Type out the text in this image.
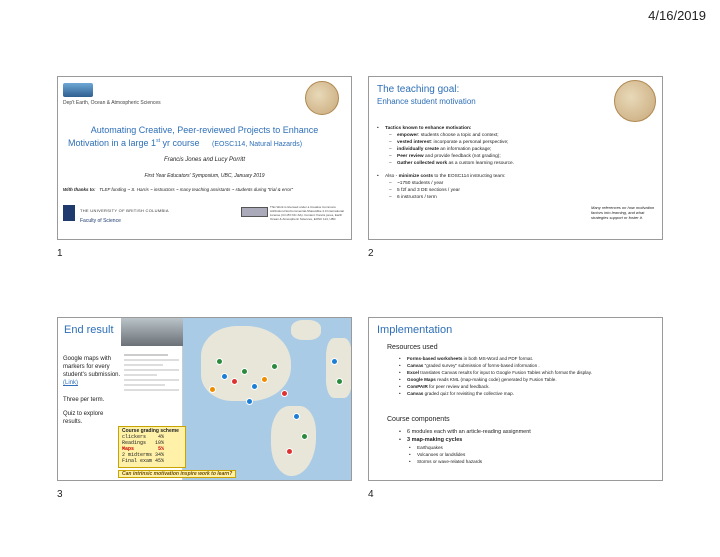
4/16/2019
Dep't Earth, Ocean & Atmospheric Sciences
Automating Creative, Peer-reviewed Projects to Enhance
Motivation in a large 1st yr course (EOSC114, Natural Hazards)
Francis Jones and Lucy Porritt
First Year Educators' Symposium, UBC, January 2019
With thanks to: TLEF funding ~ S. Harris ~ instructors ~ many teaching assistants ~ students during "trial & error"
THE UNIVERSITY OF BRITISH COLUMBIA
Faculty of Science
This Work is licensed under a Creative Commons Attribution-NonCommercial-ShareAlike 4.0 International License (CC-BY-NC-SA). Content: francis jones, Earth Ocean & Atmospheric Sciences, EOSC 114, UBC
1
The teaching goal:
Enhance student motivation
• Tactics known to enhance motivation:
– empower: students choose a topic and context;
– vested interest: incorporate a personal perspective;
– individually create an information package;
– Peer review and provide feedback (not grading);
– Gather collected work as a custom learning resource.
• Also - minimize costs to the EOSC114 instructing team:
– ~1750 students / year
– 5 f2f and 3 DE sections / year
– 6 instructors / term
Many references on how motivation factors into learning, and what strategies support or foster it.
2
End result
Google maps with markers for every student's submission.
(Link)
Three per term.
Quiz to explore results.
Course grading scheme
clickers    4%
Readings   10%
Maps        5%
2 midterms 34%
Final exam 45%
Can intrinsic motivation inspire work to learn?
3
Implementation
Resources used
• Forms-based worksheets in both MS-Word and PDF format.
• Canvas "graded survey" submission of forms-based information .
• Excel translates Canvas results for input to Google Fusion Tables which format the display.
• Google Maps reads KML (map-making code) generated by Fusion Table.
• ComPAIR for peer review and feedback.
• Canvas graded quiz for revisiting the collective map.
Course components
• 6 modules each with an article-reading assignment
• 3 map-making cycles
• Earthquakes
• Volcanoes or landslides
• Storms or wave-related hazards
4
